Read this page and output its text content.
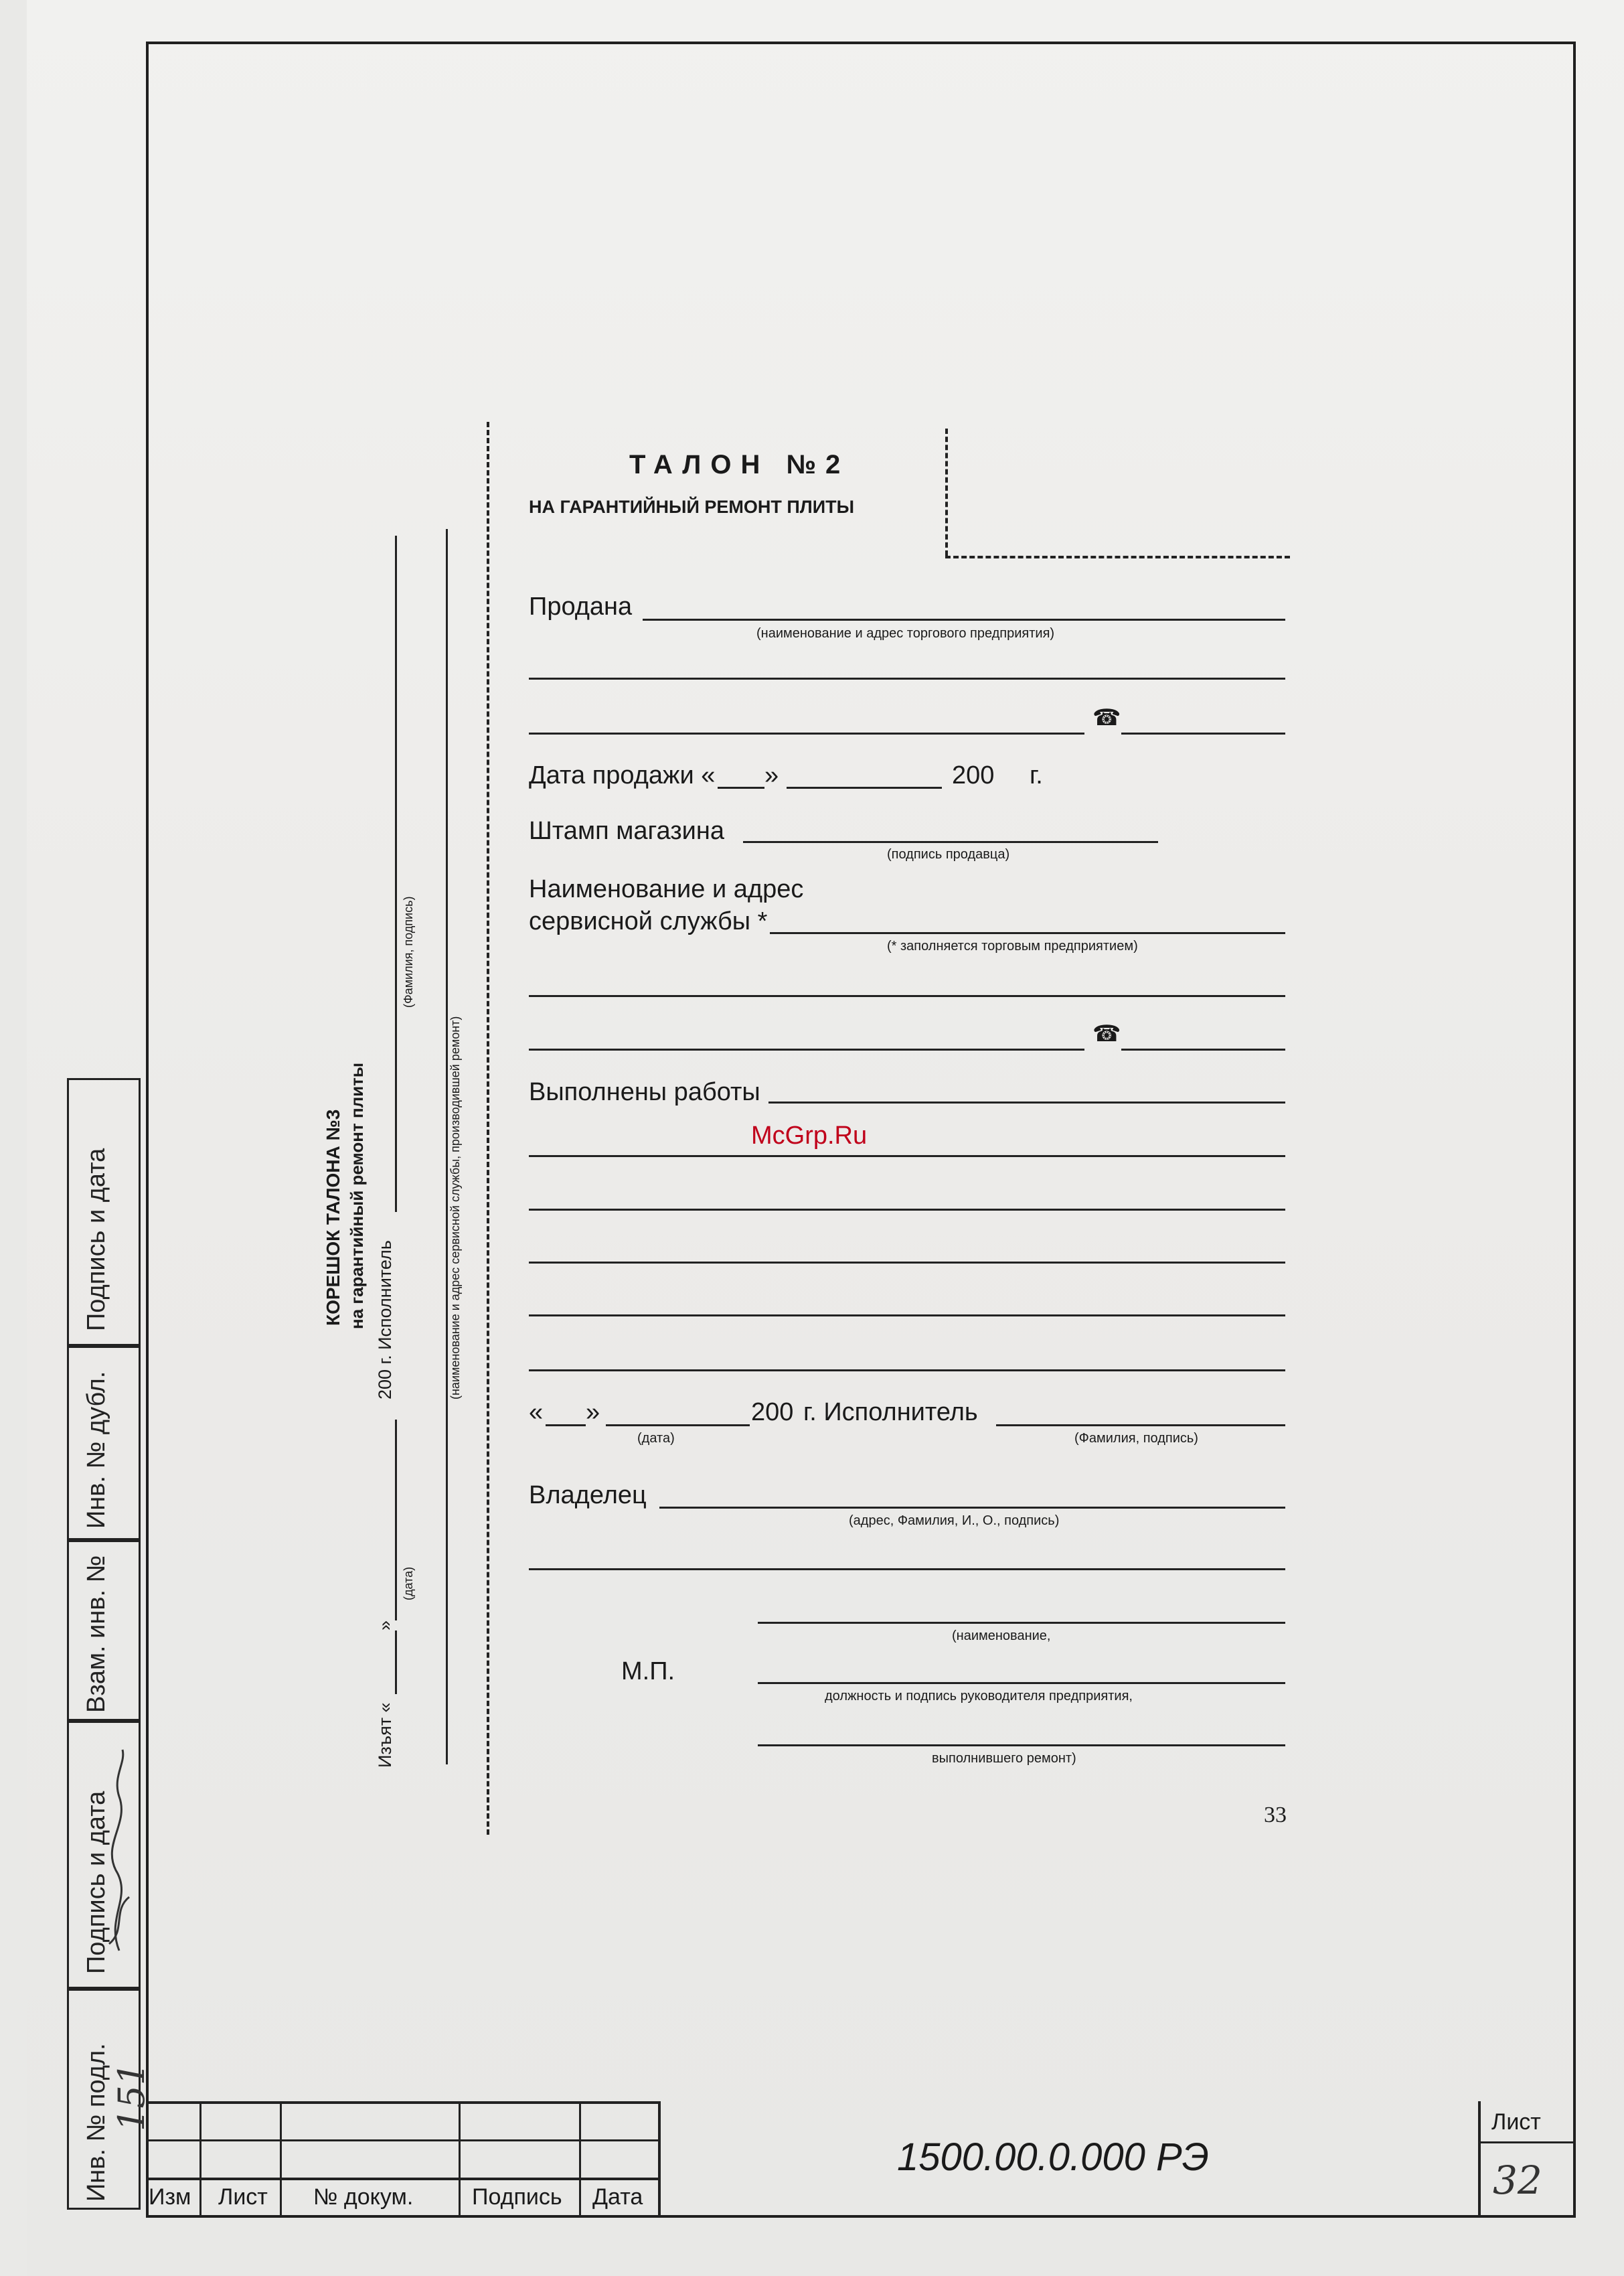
Подпись и дата
Инв. № дубл.
Взам. инв. №
Подпись и дата
Инв. № подл. 151
КОРЕШОК ТАЛОНА №3 на гарантийный ремонт плиты
Изъят «
»
200 г. Исполнитель
(дата)
(Фамилия, подпись)
(наименование и адрес сервисной службы, производившей ремонт)
ТАЛОН №2
НА ГАРАНТИЙНЫЙ РЕМОНТ ПЛИТЫ
Продана
(наименование и адрес торгового предприятия)
☎
Дата продажи « »	200 г.
Штамп магазина
(подпись продавца)
Наименование и адрес
сервисной службы *
(* заполняется торговым предприятием)
☎
Выполнены работы
McGrp.Ru
« »	200 г. Исполнитель
(дата)	(Фамилия, подпись)
Владелец
(адрес, Фамилия, И., О., подпись)
(наименование,
М.П.
должность и подпись руководителя предприятия,
выполнившего ремонт)
33
Изм Лист № докум.	Подпись Дата
1500.00.0.000 РЭ
Лист
32
